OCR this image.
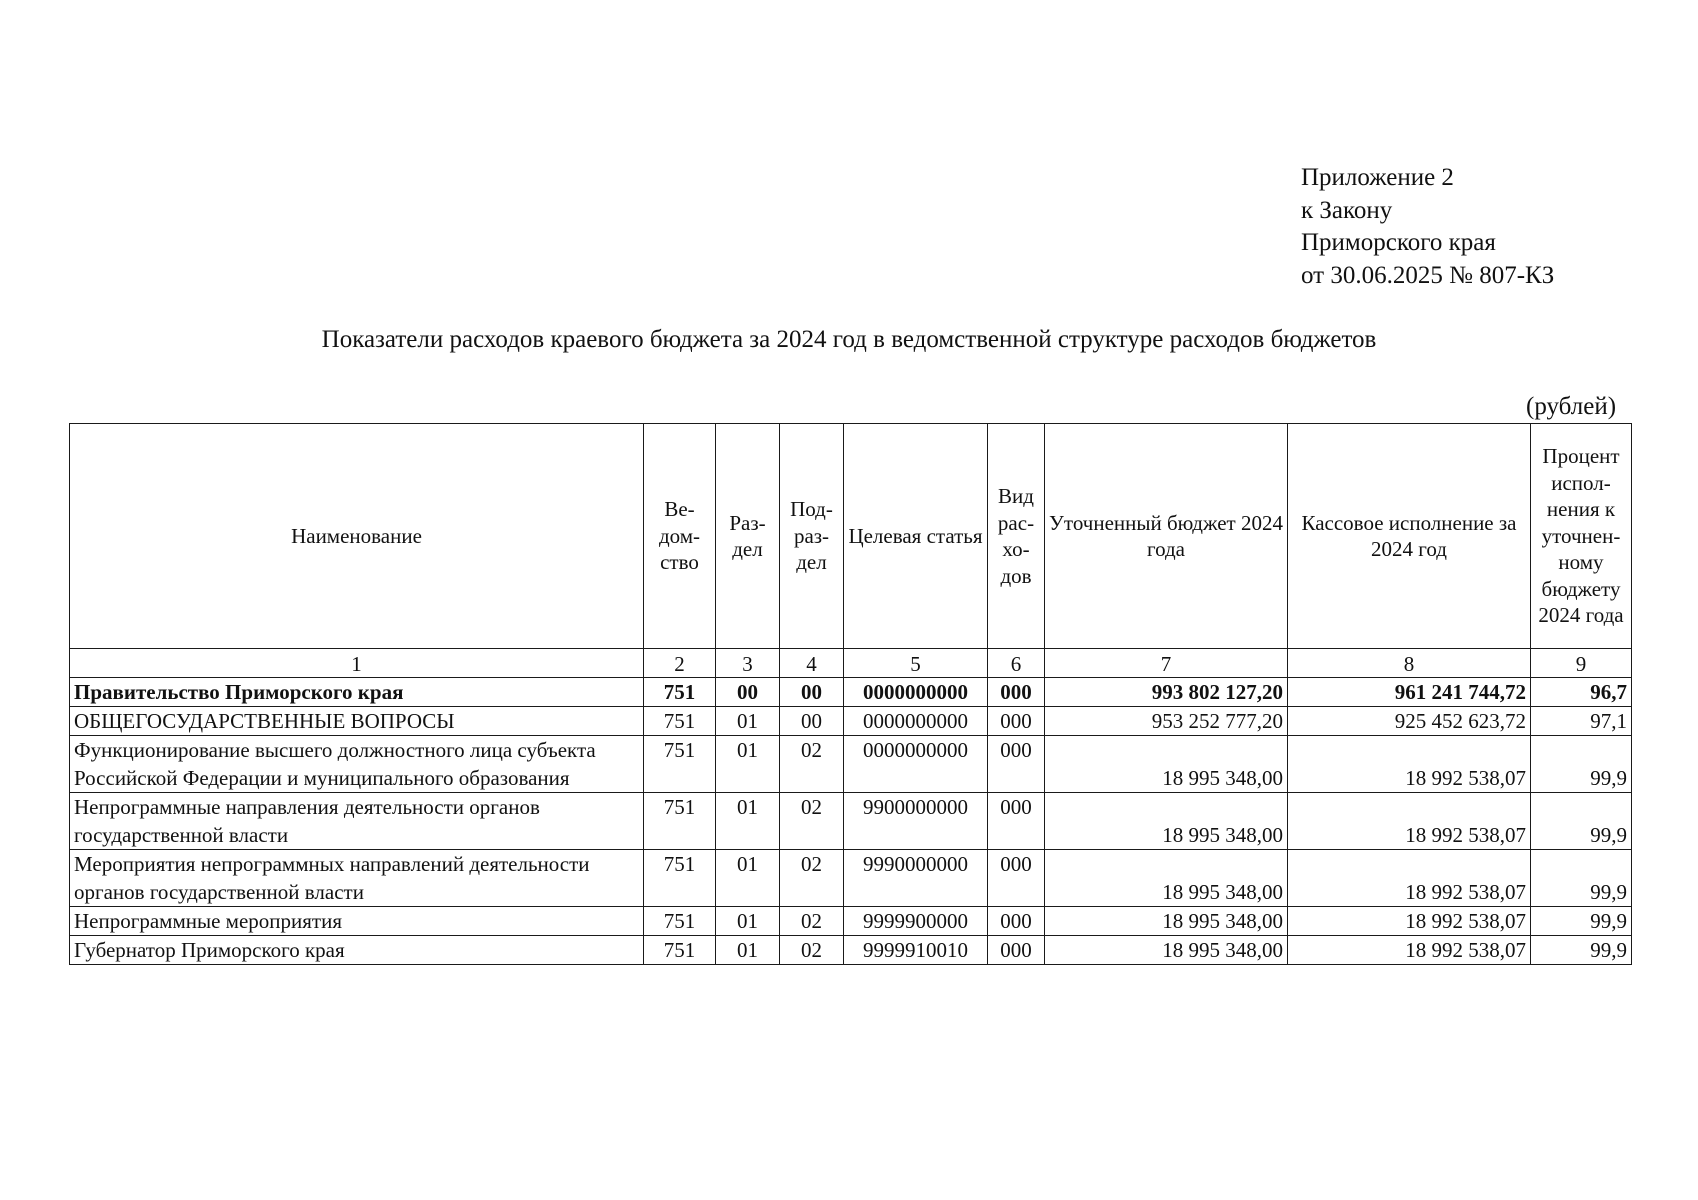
Приложение 2
к Закону
Приморского края
от 30.06.2025 № 807-КЗ
Показатели расходов краевого бюджета за 2024 год в ведомственной структуре расходов бюджетов
(рублей)
Наименование	Ве-дом-ство	Раз-дел	Под-раз-дел	Целевая статья	Вид рас-хо-дов	Уточненный бюджет 2024 года	Кассовое исполнение за 2024 год	Процент испол-нения к уточнен-ному бюджету 2024 года
1	2	3	4	5	6	7	8	9
Правительство Приморского края	751	00	00	0000000000	000	993 802 127,20	961 241 744,72	96,7
ОБЩЕГОСУДАРСТВЕННЫЕ ВОПРОСЫ	751	01	00	0000000000	000	953 252 777,20	925 452 623,72	97,1
Функционирование высшего должностного лица субъекта Российской Федерации и муниципального образования	751	01	02	0000000000	000	18 995 348,00	18 992 538,07	99,9
Непрограммные направления деятельности органов государственной власти	751	01	02	9900000000	000	18 995 348,00	18 992 538,07	99,9
Мероприятия непрограммных направлений деятельности органов государственной власти	751	01	02	9990000000	000	18 995 348,00	18 992 538,07	99,9
Непрограммные мероприятия	751	01	02	9999900000	000	18 995 348,00	18 992 538,07	99,9
Губернатор Приморского края	751	01	02	9999910010	000	18 995 348,00	18 992 538,07	99,9
